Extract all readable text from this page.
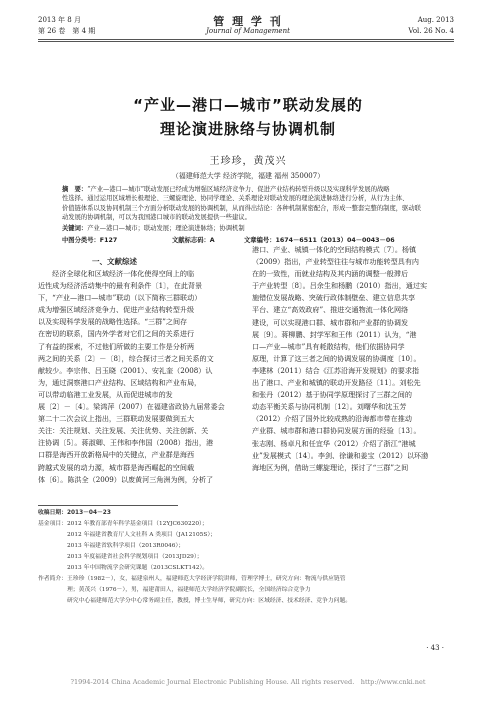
2013 年 8 月
第 26 卷　第 4 期
管 理 学 刊
Journal of Management
Aug. 2013
Vol. 26 No. 4
“产业—港口—城市”联动发展的
理论演进脉络与协调机制
王珍珍，黄茂兴
（福建师范大学 经济学院，福建 福州 350007）
摘　要：“产业—港口—城市”联动发展已经成为增强区域经济竞争力、促进产业结构转型升级以及实现科学发展的战略
性选择。通过运用区域增长极理论、三螺旋理论、协同学理论、关系理论对联动发展的理论演进脉络进行分析，从行为主体、
价值链体系以及协同机制三个方面分析联动发展的协调机制，从而得出结论：各种机制紧密配合，形成一整套完整的制度，驱动联
动发展的协调机制，可以为我国港口城市的联动发展提供一些建议。
关键词：产业—港口—城市；联动发展；理论演进脉络；协调机制
中图分类号：F127	文献标志码：A	文章编号：1674－6511（2013）04－0043－06
一、文献综述
　　经济全球化和区域经济一体化使得空间上的临
近性成为经济活动集中的最有利条件〔1〕，在此背景
下，“产业—港口—城市”联动（以下简称三群联动）
成为增强区域经济竞争力、促进产业结构转型升级
以及实现科学发展的战略性选择。“三群”之间存
在密切的联系，国内外学者对它们之间的关系进行
了有益的探索，不过他们所做的主要工作是分析两
两之间的关系〔2〕－〔8〕，综合探讨三者之间关系的文
献较少。李宗伟、吕玉晓（2001）、安礼奎（2008）认
为，通过洞察港口产业结构、区域结构和产业布局，
可以带动临港工业发展，从而促进城市的发
展〔2〕－〔4〕。梁鸿萍（2007）在福建省政协九届常委会
第二十二次会议上指出，三群联动发展要做到五大
关注：关注规划、关注发展、关注优势、关注创新、关
注协调〔5〕。蒋淑卿、王伟和李伟国（2008）指出，港
口群是海西开放新格局中的关键点，产业群是海西
跨越式发展的动力源，城市群是海西崛起的空间载
体〔6〕。陈洪全（2009）以废黄河三角洲为例，分析了
港口、产业、城镇一体化的空间结构模式〔7〕。杨镇
（2009）指出，产业转型往往与城市功能转型具有内
在的一致性，而就业结构及其内涵的调整一般滞后
于产业转型〔8〕。吕余生和杨鹏（2010）指出，通过实
施错位发展战略、突破行政体制壁垒、建立信息共享
平台、建立“高效政府”、推进交通物流一体化网络
建设，可以实现港口群、城市群和产业群的协调发
展〔9〕。蒋柳鹏、封学军和王伟（2011）认为，“港
口—产业—城市”具有耗散结构，他们依据协同学
原理，计算了这三者之间的协调发展的协调度〔10〕。
李建林（2011）结合《江苏沿海开发规划》的要求指
出了港口、产业和城镇的联动开发路径〔11〕。刘松先
和张丹（2012）基于协同学原理探讨了三群之间的
动态平衡关系与协同机制〔12〕。刘曙华和沈玉芳
（2012）介绍了国外比较成熟的沿海都市带在推动
产业群、城市群和港口群协同发展方面的经验〔13〕。
张志刚、杨卓凡和任宜华（2012）介绍了浙江“港城
业”发展模式〔14〕。李剑、徐谦和姜宝（2012）以环渤
海地区为例，借助三螺旋理论，探讨了“三群”之间
收稿日期：2013－04－23
基金项目：2012 年教育部青年科学基金项目（12YJC630220）；
　　　　　2012 年福建省教育厅人文社科 A 类项目（JA12105S）；
　　　　　2013 年福建省软科学项目（2013R0046）；
　　　　　2013 年度福建省社会科学规划项目（2013JD29）；
　　　　　2013 年中国物流学会研究课题（2013CSLKT142）。
作者简介：王珍珍（1982－），女，福建泉州人，福建师范大学经济学院讲师，管理学博士，研究方向：物流与供应链管
　　　　　理；黄茂兴（1976－），男，福建莆田人，福建师范大学经济学院副院长，全国经济综合竞争力
　　　　　研究中心福建师范大学分中心常务副主任，教授，博士生导师，研究方向：区域经济、技术经济、竞争力问题。
· 43 ·
?1994-2014 China Academic Journal Electronic Publishing House. All rights reserved.　http://www.cnki.net
